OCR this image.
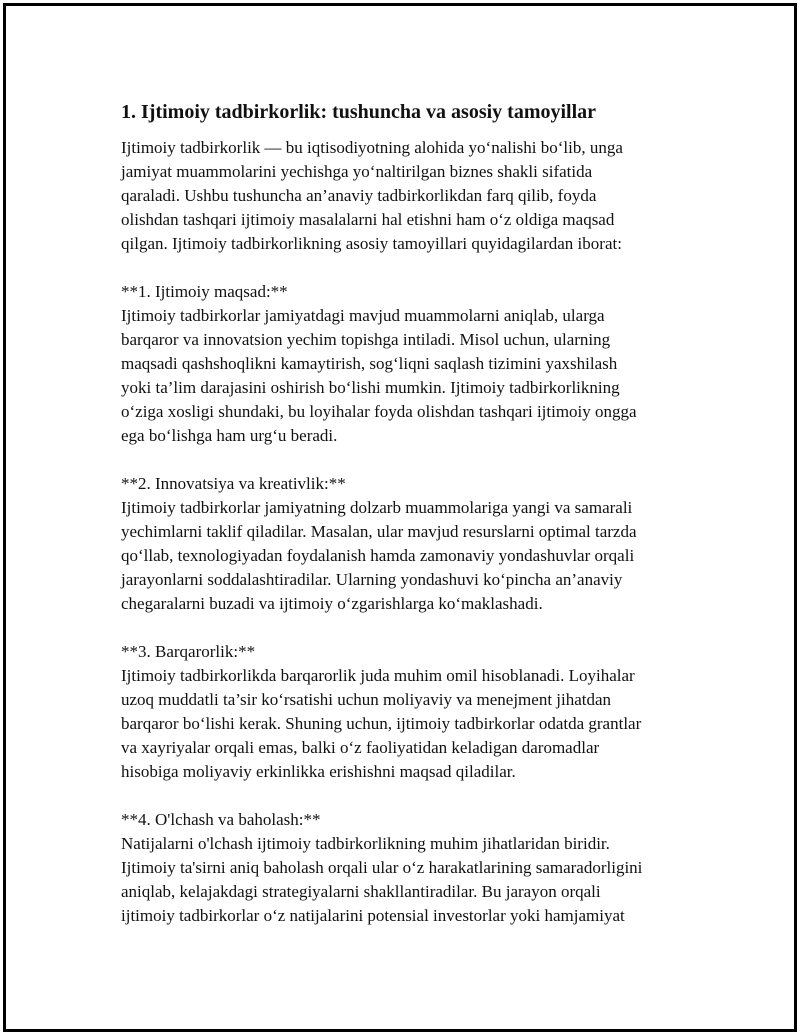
1. Ijtimoiy tadbirkorlik: tushuncha va asosiy tamoyillar
Ijtimoiy tadbirkorlik — bu iqtisodiyotning alohida yo‘nalishi bo‘lib, unga
jamiyat muammolarini yechishga yo‘naltirilgan biznes shakli sifatida
qaraladi. Ushbu tushuncha an’anaviy tadbirkorlikdan farq qilib, foyda
olishdan tashqari ijtimoiy masalalarni hal etishni ham o‘z oldiga maqsad
qilgan. Ijtimoiy tadbirkorlikning asosiy tamoyillari quyidagilardan iborat:
**1. Ijtimoiy maqsad:**
Ijtimoiy tadbirkorlar jamiyatdagi mavjud muammolarni aniqlab, ularga
barqaror va innovatsion yechim topishga intiladi. Misol uchun, ularning
maqsadi qashshoqlikni kamaytirish, sog‘liqni saqlash tizimini yaxshilash
yoki ta’lim darajasini oshirish bo‘lishi mumkin. Ijtimoiy tadbirkorlikning
o‘ziga xosligi shundaki, bu loyihalar foyda olishdan tashqari ijtimoiy ongga
ega bo‘lishga ham urg‘u beradi.
**2. Innovatsiya va kreativlik:**
Ijtimoiy tadbirkorlar jamiyatning dolzarb muammolariga yangi va samarali
yechimlarni taklif qiladilar. Masalan, ular mavjud resurslarni optimal tarzda
qo‘llab, texnologiyadan foydalanish hamda zamonaviy yondashuvlar orqali
jarayonlarni soddalashtiradilar. Ularning yondashuvi ko‘pincha an’anaviy
chegaralarni buzadi va ijtimoiy o‘zgarishlarga ko‘maklashadi.
**3. Barqarorlik:**
Ijtimoiy tadbirkorlikda barqarorlik juda muhim omil hisoblanadi. Loyihalar
uzoq muddatli ta’sir ko‘rsatishi uchun moliyaviy va menejment jihatdan
barqaror bo‘lishi kerak. Shuning uchun, ijtimoiy tadbirkorlar odatda grantlar
va xayriyalar orqali emas, balki o‘z faoliyatidan keladigan daromadlar
hisobiga moliyaviy erkinlikka erishishni maqsad qiladilar.
**4. O'lchash va baholash:**
Natijalarni o'lchash ijtimoiy tadbirkorlikning muhim jihatlaridan biridir.
Ijtimoiy ta'sirni aniq baholash orqali ular o‘z harakatlarining samaradorligini
aniqlab, kelajakdagi strategiyalarni shakllantiradilar. Bu jarayon orqali
ijtimoiy tadbirkorlar o‘z natijalarini potensial investorlar yoki hamjamiyat
